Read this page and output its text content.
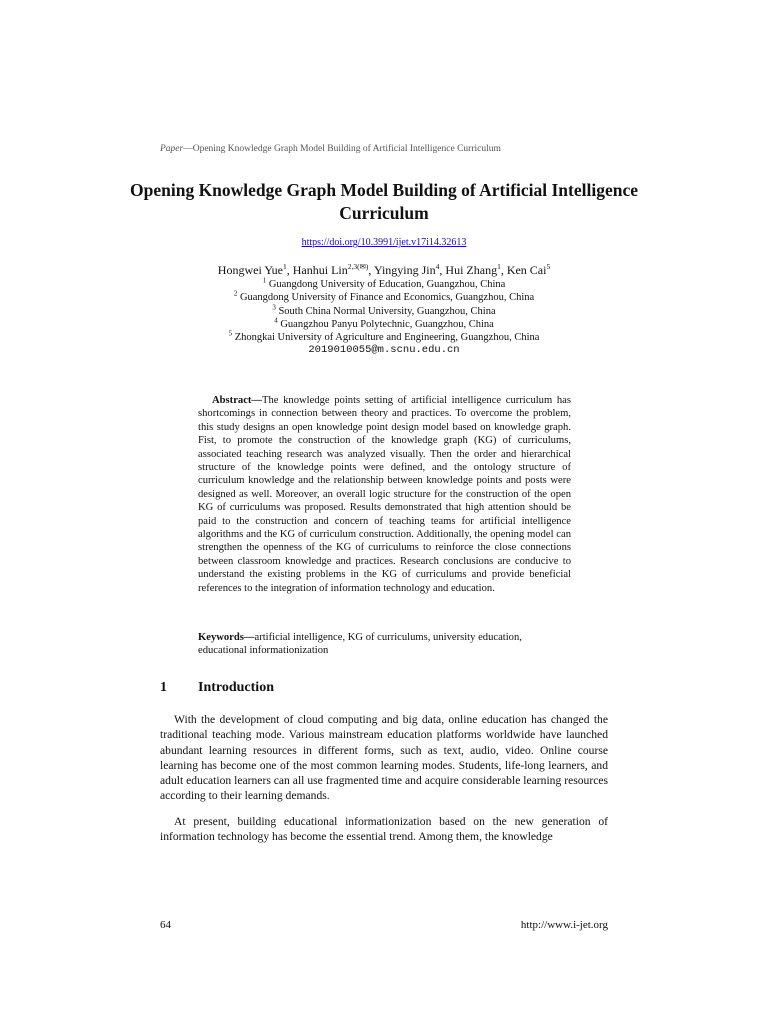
Paper—Opening Knowledge Graph Model Building of Artificial Intelligence Curriculum
Opening Knowledge Graph Model Building of Artificial Intelligence Curriculum
https://doi.org/10.3991/ijet.v17i14.32613
Hongwei Yue$^1$, Hanhui Lin$^{2,3(✉)}$, Yingying Jin$^4$, Hui Zhang$^1$, Ken Cai$^5$
$^1$ Guangdong University of Education, Guangzhou, China
$^2$ Guangdong University of Finance and Economics, Guangzhou, China
$^3$ South China Normal University, Guangzhou, China
$^4$ Guangzhou Panyu Polytechnic, Guangzhou, China
$^5$ Zhongkai University of Agriculture and Engineering, Guangzhou, China
2019010055@m.scnu.edu.cn

Abstract—The knowledge points setting of artificial intelligence curriculum has shortcomings in connection between theory and practices. To overcome the problem, this study designs an open knowledge point design model based on knowledge graph. Fist, to promote the construction of the knowledge graph (KG) of curriculums, associated teaching research was analyzed visually. Then the order and hierarchical structure of the knowledge points were defined, and the ontology structure of curriculum knowledge and the relationship between knowledge points and posts were designed as well. Moreover, an overall logic structure for the construction of the open KG of curriculums was proposed. Results demonstrated that high attention should be paid to the construction and concern of teaching teams for artificial intelligence algorithms and the KG of curriculum construction. Additionally, the opening model can strengthen the openness of the KG of curriculums to reinforce the close connections between classroom knowledge and practices. Research conclusions are conducive to understand the existing problems in the KG of curriculums and provide beneficial references to the integration of information technology and education.

Keywords—artificial intelligence, KG of curriculums, university education, educational informationization

1 Introduction

With the development of cloud computing and big data, online education has changed the traditional teaching mode. Various mainstream education platforms worldwide have launched abundant learning resources in different forms, such as text, audio, video. Online course learning has become one of the most common learning modes. Students, life-long learners, and adult education learners can all use fragmented time and acquire considerable learning resources according to their learning demands.

At present, building educational informationization based on the new generation of information technology has become the essential trend. Among them, the knowledge

64	http://www.i-jet.org
